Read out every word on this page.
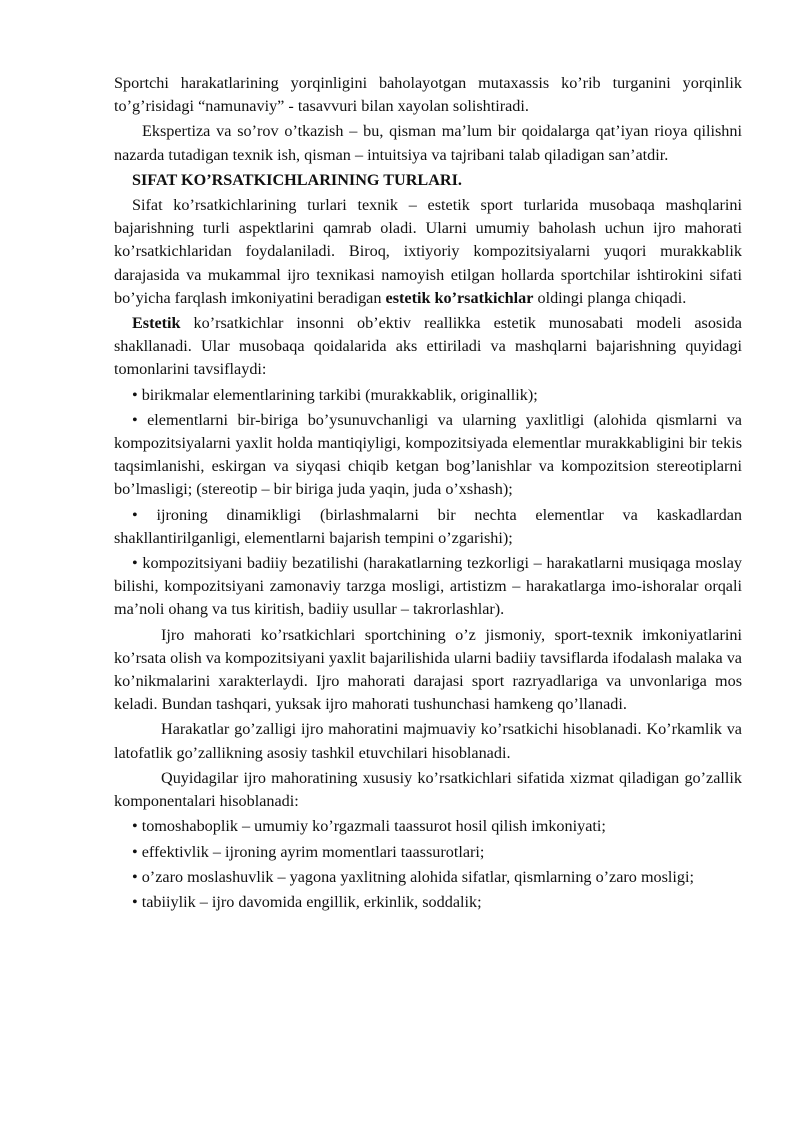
Sportchi harakatlarining yorqinligini baholayotgan mutaxassis ko’rib turganini yorqinlik to’g’risidagi “namunaviy” - tasavvuri bilan xayolan solishtiradi.

Ekspertiza va so’rov o’tkazish – bu, qisman ma’lum bir qoidalarga qat’iyan rioya qilishni nazarda tutadigan texnik ish, qisman – intuitsiya va tajribani talab qiladigan san’atdir.

SIFAT KO’RSATKICHLARINING TURLARI.

Sifat ko’rsatkichlarining turlari texnik – estetik sport turlarida musobaqa mashqlarini bajarishning turli aspektlarini qamrab oladi. Ularni umumiy baholash uchun ijro mahorati ko’rsatkichlaridan foydalaniladi. Biroq, ixtiyoriy kompozitsiyalarni yuqori murakkablik darajasida va mukammal ijro texnikasi namoyish etilgan hollarda sportchilar ishtirokini sifati bo’yicha farqlash imkoniyatini beradigan estetik ko’rsatkichlar oldingi planga chiqadi.

Estetik ko’rsatkichlar insonni ob’ektiv reallikka estetik munosabati modeli asosida shakllanadi. Ular musobaqa qoidalarida aks ettiriladi va mashqlarni bajarishning quyidagi tomonlarini tavsiflaydi:

• birikmalar elementlarining tarkibi (murakkablik, originallik);

• elementlarni bir-biriga bo’ysunuvchanligi va ularning yaxlitligi (alohida qismlarni va kompozitsiyalarni yaxlit holda mantiqiyligi, kompozitsiyada elementlar murakkabligini bir tekis taqsimlanishi, eskirgan va siyqasi chiqib ketgan bog’lanishlar va kompozitsion stereotiplarni bo’lmasligi; (stereotip – bir biriga juda yaqin, juda o’xshash);

• ijroning dinamikligi (birlashmalarni bir nechta elementlar va kaskadlardan shakllantirilganligi, elementlarni bajarish tempini o’zgarishi);

• kompozitsiyani badiiy bezatilishi (harakatlarning tezkorligi – harakatlarni musiqaga moslay bilishi, kompozitsiyani zamonaviy tarzga mosligi, artistizm – harakatlarga imo-ishoralar orqali ma’noli ohang va tus kiritish, badiiy usullar – takrorlashlar).

Ijro mahorati ko’rsatkichlari sportchining o’z jismoniy, sport-texnik imkoniyatlarini ko’rsata olish va kompozitsiyani yaxlit bajarilishida ularni badiiy tavsiflarda ifodalash malaka va ko’nikmalarini xarakterlaydi. Ijro mahorati darajasi sport razryadlariga va unvonlariga mos keladi. Bundan tashqari, yuksak ijro mahorati tushunchasi hamkeng qo’llanadi.

Harakatlar go’zalligi ijro mahoratini majmuaviy ko’rsatkichi hisoblanadi. Ko’rkamlik va latofatlik go’zallikning asosiy tashkil etuvchilari hisoblanadi.

Quyidagilar ijro mahoratining xususiy ko’rsatkichlari sifatida xizmat qiladigan go’zallik komponentalari hisoblanadi:

• tomoshaboplik – umumiy ko’rgazmali taassurot hosil qilish imkoniyati;

• effektivlik – ijroning ayrim momentlari taassurotlari;

• o’zaro moslashuvlik – yagona yaxlitning alohida sifatlar, qismlarning o’zaro mosligi;

• tabiiylik – ijro davomida engillik, erkinlik, soddalik;
